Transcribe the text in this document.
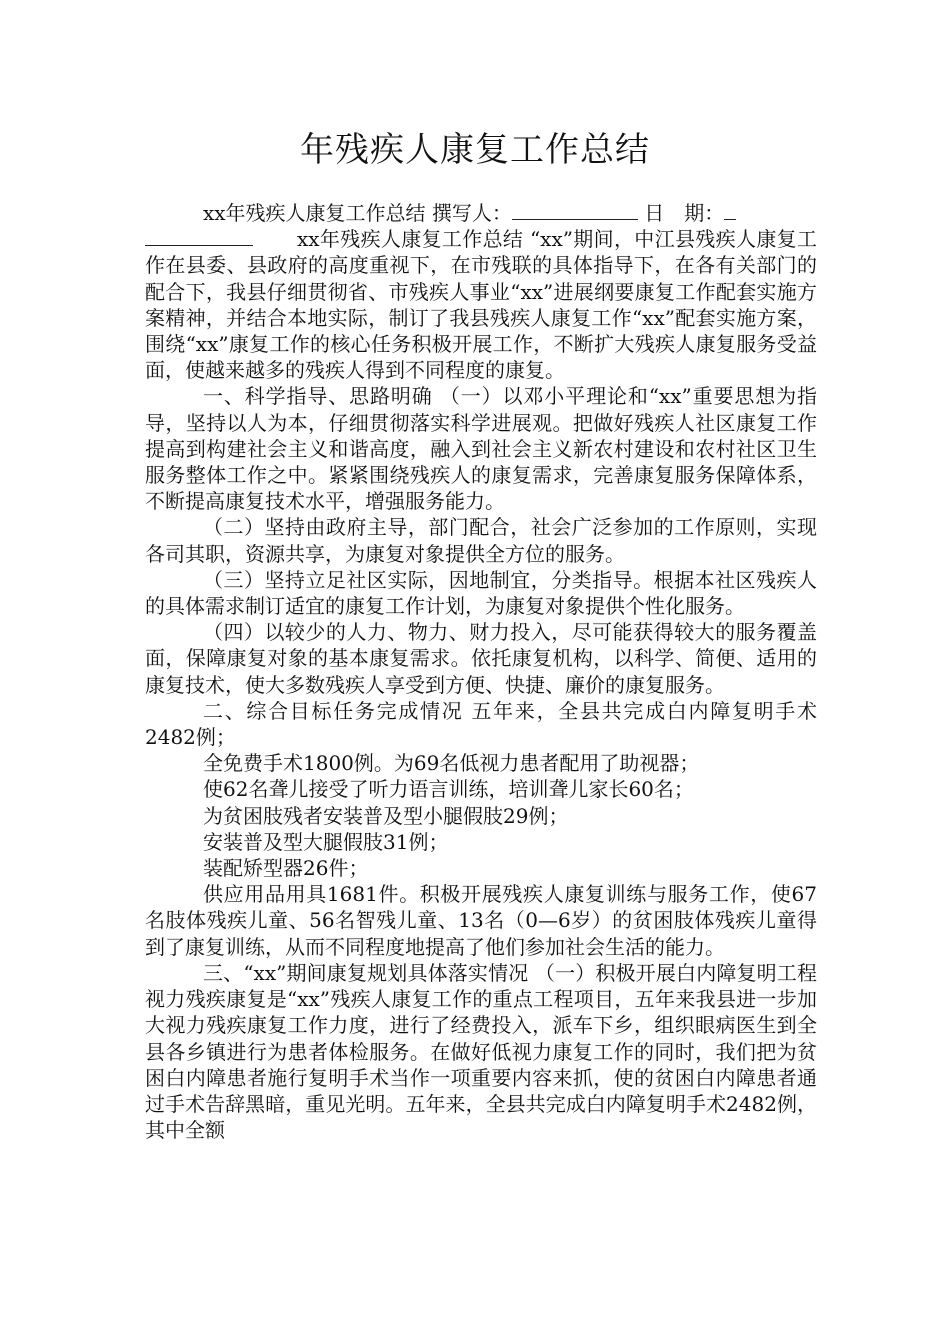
年残疾人康复工作总结

xx年残疾人康复工作总结 撰写人：	日　期：
xx年残疾人康复工作总结 “xx”期间，中江县残疾人康复工作在县委、县政府的高度重视下，在市残联的具体指导下，在各有关部门的配合下，我县仔细贯彻省、市残疾人事业“xx”进展纲要康复工作配套实施方案精神，并结合本地实际，制订了我县残疾人康复工作“xx”配套实施方案，围绕“xx”康复工作的核心任务积极开展工作，不断扩大残疾人康复服务受益面，使越来越多的残疾人得到不同程度的康复。

一、科学指导、思路明确 （一）以邓小平理论和“xx”重要思想为指导，坚持以人为本，仔细贯彻落实科学进展观。把做好残疾人社区康复工作提高到构建社会主义和谐高度，融入到社会主义新农村建设和农村社区卫生服务整体工作之中。紧紧围绕残疾人的康复需求，完善康复服务保障体系，不断提高康复技术水平，增强服务能力。

（二）坚持由政府主导，部门配合，社会广泛参加的工作原则，实现各司其职，资源共享，为康复对象提供全方位的服务。

（三）坚持立足社区实际，因地制宜，分类指导。根据本社区残疾人的具体需求制订适宜的康复工作计划，为康复对象提供个性化服务。

（四）以较少的人力、物力、财力投入，尽可能获得较大的服务覆盖面，保障康复对象的基本康复需求。依托康复机构，以科学、简便、适用的康复技术，使大多数残疾人享受到方便、快捷、廉价的康复服务。

二、综合目标任务完成情况 五年来，全县共完成白内障复明手术2482例；

全免费手术1800例。为69名低视力患者配用了助视器；

使62名聋儿接受了听力语言训练，培训聋儿家长60名；

为贫困肢残者安装普及型小腿假肢29例；

安装普及型大腿假肢31例；

装配矫型器26件；

供应用品用具1681件。积极开展残疾人康复训练与服务工作，使67名肢体残疾儿童、56名智残儿童、13名（0—6岁）的贫困肢体残疾儿童得到了康复训练，从而不同程度地提高了他们参加社会生活的能力。

三、“xx”期间康复规划具体落实情况 （一）积极开展白内障复明工程 视力残疾康复是“xx”残疾人康复工作的重点工程项目，五年来我县进一步加大视力残疾康复工作力度，进行了经费投入，派车下乡，组织眼病医生到全县各乡镇进行为患者体检服务。在做好低视力康复工作的同时，我们把为贫困白内障患者施行复明手术当作一项重要内容来抓，使的贫困白内障患者通过手术告辞黑暗，重见光明。五年来，全县共完成白内障复明手术2482例，其中全额
